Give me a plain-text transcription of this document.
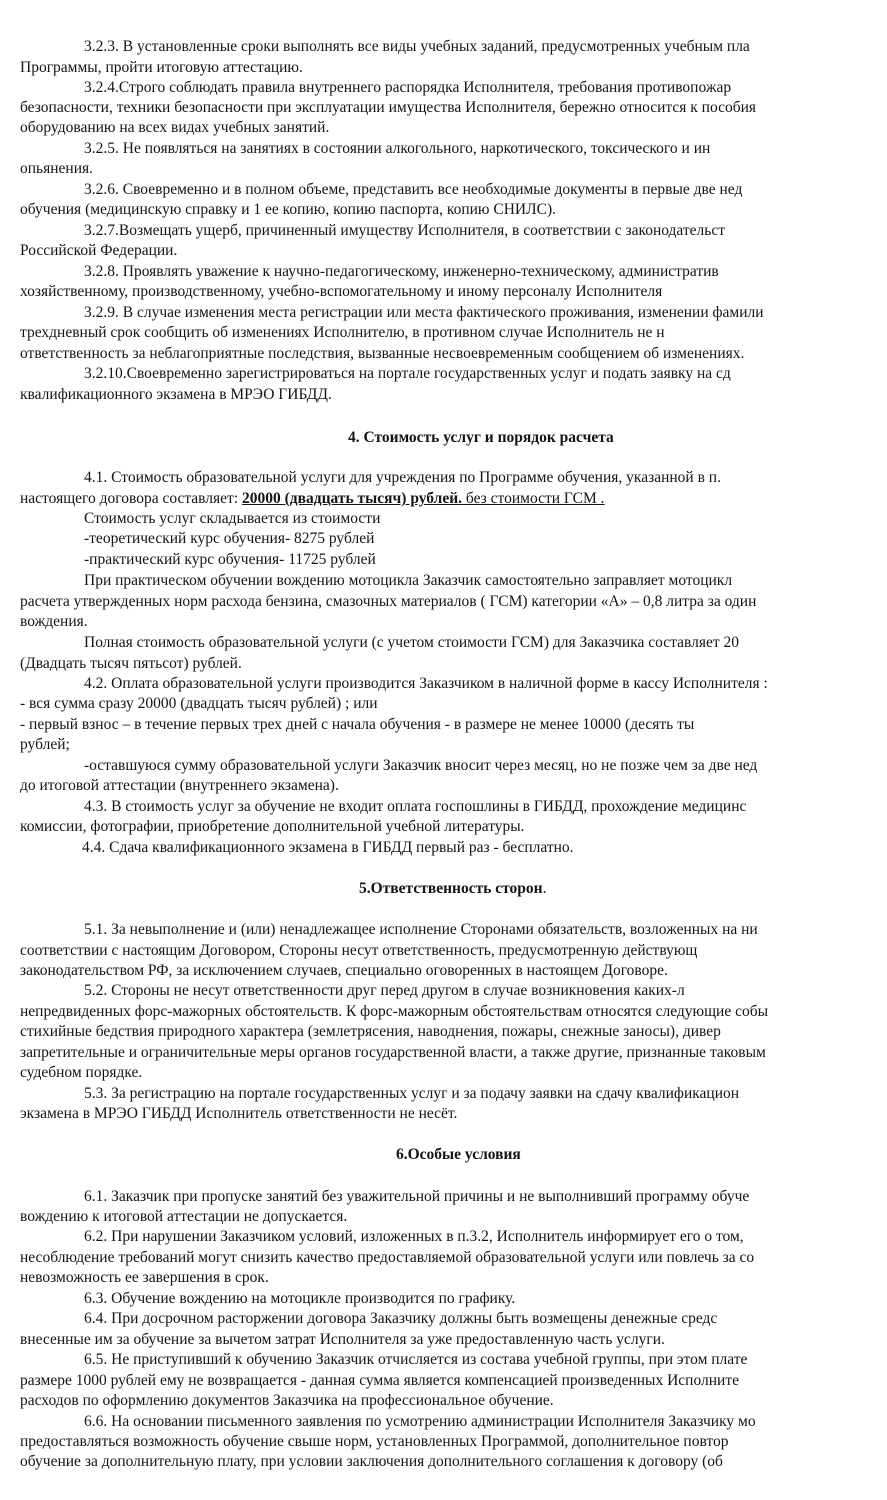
3.2.3. В установленные сроки выполнять все виды учебных заданий, предусмотренных учебным пла
Программы, пройти итоговую аттестацию.
3.2.4.Строго соблюдать правила внутреннего распорядка Исполнителя, требования противопожар
безопасности, техники безопасности при эксплуатации имущества Исполнителя, бережно относится к пособия
оборудованию на всех видах учебных занятий.
3.2.5. Не появляться на занятиях в состоянии алкогольного, наркотического, токсического и ин
опьянения.
3.2.6. Своевременно и в полном объеме, представить все необходимые документы в первые две нед
обучения (медицинскую справку и 1 ее копию, копию паспорта, копию СНИЛС).
3.2.7.Возмещать ущерб, причиненный имуществу Исполнителя, в соответствии с законодательст
Российской Федерации.
3.2.8. Проявлять уважение к научно-педагогическому, инженерно-техническому, административ
хозяйственному, производственному, учебно-вспомогательному и иному персоналу Исполнителя
3.2.9. В случае изменения места регистрации или места фактического проживания, изменении фамили
трехдневный срок сообщить об изменениях Исполнителю, в противном случае Исполнитель не н
ответственность за неблагоприятные последствия, вызванные несвоевременным сообщением об изменениях.
3.2.10.Своевременно зарегистрироваться на портале государственных услуг и подать заявку на сд
квалификационного экзамена в МРЭО ГИБДД.
4. Стоимость услуг и порядок расчета
4.1. Стоимость образовательной услуги для учреждения по Программе обучения, указанной в п.
настоящего договора составляет: 20000 (двадцать тысяч) рублей. без стоимости ГСМ .
Стоимость услуг складывается из стоимости
-теоретический курс обучения- 8275 рублей
-практический курс обучения- 11725 рублей
При практическом обучении вождению мотоцикла Заказчик самостоятельно заправляет мотоцикл
расчета утвержденных норм расхода бензина, смазочных материалов ( ГСМ) категории «А» – 0,8 литра за один
вождения.
Полная стоимость образовательной услуги (с учетом стоимости ГСМ) для Заказчика составляет 20
(Двадцать тысяч пятьсот) рублей.
4.2. Оплата образовательной услуги производится Заказчиком в наличной форме в кассу Исполнителя :
- вся сумма сразу 20000 (двадцать тысяч рублей) ; или
- первый взнос – в течение первых трех дней с начала обучения - в размере не менее 10000 (десять ты
рублей;
-оставшуюся сумму образовательной услуги Заказчик вносит через месяц, но не позже чем за две нед
до итоговой аттестации (внутреннего экзамена).
4.3. В стоимость услуг за обучение не входит оплата госпошлины в ГИБДД, прохождение медицинс
комиссии, фотографии, приобретение дополнительной учебной литературы.
4.4. Сдача квалификационного экзамена в ГИБДД первый раз - бесплатно.
5.Ответственность сторон.
5.1. За невыполнение и (или) ненадлежащее исполнение Сторонами обязательств, возложенных на ни
соответствии с настоящим Договором, Стороны несут ответственность, предусмотренную действующ
законодательством РФ, за исключением случаев, специально оговоренных в настоящем Договоре.
5.2. Стороны не несут ответственности друг перед другом в случае возникновения каких-л
непредвиденных форс-мажорных обстоятельств. К форс-мажорным обстоятельствам относятся следующие собы
стихийные бедствия природного характера (землетрясения, наводнения, пожары, снежные заносы), дивер
запретительные и ограничительные меры органов государственной власти, а также другие, признанные таковым
судебном порядке.
5.3. За регистрацию на портале государственных услуг и за подачу заявки на сдачу квалификацион
экзамена в МРЭО ГИБДД Исполнитель ответственности не несёт.
6.Особые условия
6.1. Заказчик при пропуске занятий без уважительной причины и не выполнивший программу обуче
вождению к итоговой аттестации не допускается.
6.2. При нарушении Заказчиком условий, изложенных в п.3.2, Исполнитель информирует его о том,
несоблюдение требований могут снизить качество предоставляемой образовательной услуги или повлечь за со
невозможность ее завершения в срок.
6.3. Обучение вождению на мотоцикле производится по графику.
6.4. При досрочном расторжении договора Заказчику должны быть возмещены денежные средс
внесенные им за обучение за вычетом затрат Исполнителя за уже предоставленную часть услуги.
6.5. Не приступивший к обучению Заказчик отчисляется из состава учебной группы, при этом плате
размере 1000 рублей ему не возвращается - данная сумма является компенсацией произведенных Исполните
расходов по оформлению документов Заказчика на профессиональное обучение.
6.6. На основании письменного заявления по усмотрению администрации Исполнителя Заказчику мо
предоставляться возможность обучение свыше норм, установленных Программой, дополнительное повтор
обучение за дополнительную плату, при условии заключения дополнительного соглашения к договору (об
